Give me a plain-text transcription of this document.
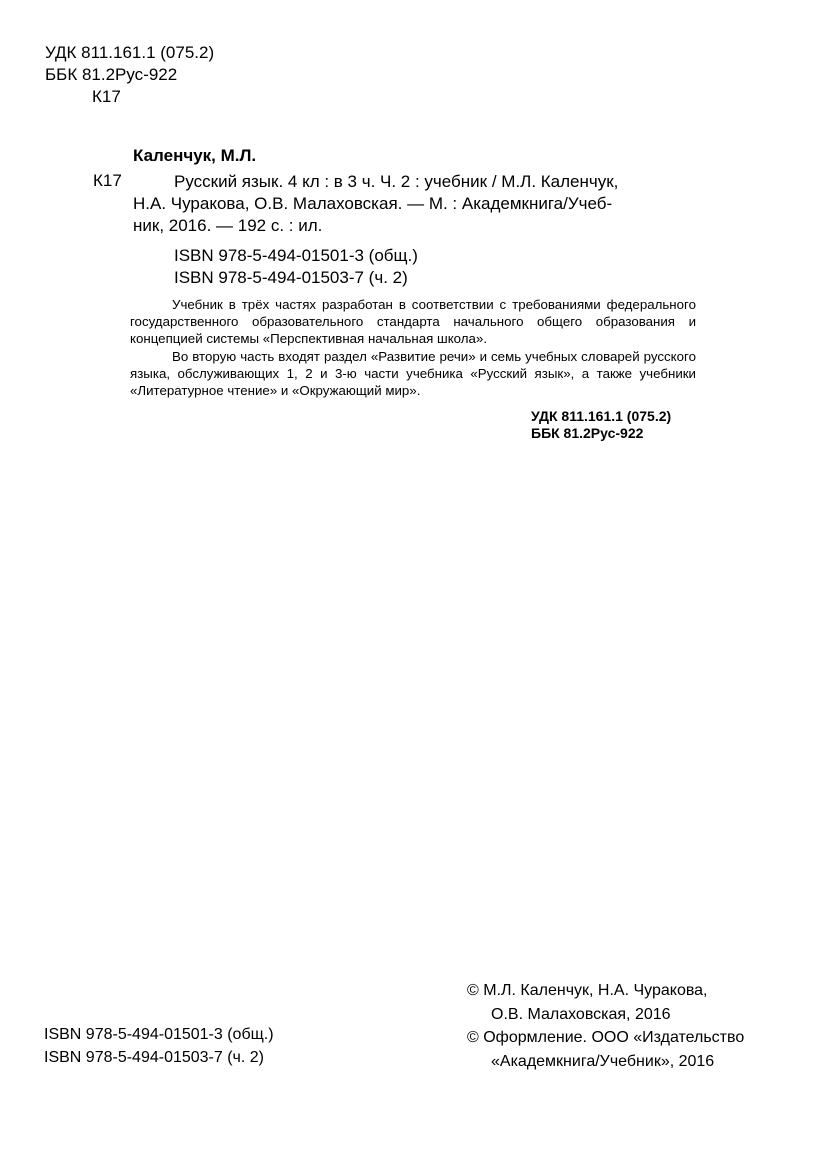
УДК 811.161.1 (075.2)
ББК 81.2Рус-922
К17
Каленчук, М.Л.
К17	Русский язык. 4 кл : в 3 ч. Ч. 2 : учебник / М.Л. Каленчук,
Н.А. Чуракова, О.В. Малаховская. — М. : Академкнига/Учеб-
ник, 2016. — 192 с. : ил.
ISBN 978-5-494-01501-3 (общ.)
ISBN 978-5-494-01503-7 (ч. 2)

Учебник в трёх частях разработан в соответствии с требованиями федерального государственного образовательного стандарта начального общего образования и концепцией системы «Перспективная начальная школа».

Во вторую часть входят раздел «Развитие речи» и семь учебных словарей русского языка, обслуживающих 1, 2 и 3-ю части учебника «Русский язык», а также учебники «Литературное чтение» и «Окружающий мир».

УДК 811.161.1 (075.2)
ББК 81.2Рус-922
© М.Л. Каленчук, Н.А. Чуракова,
О.В. Малаховская, 2016
© Оформление. ООО «Издательство
«Академкнига/Учебник», 2016
ISBN 978-5-494-01501-3 (общ.)
ISBN 978-5-494-01503-7 (ч. 2)
